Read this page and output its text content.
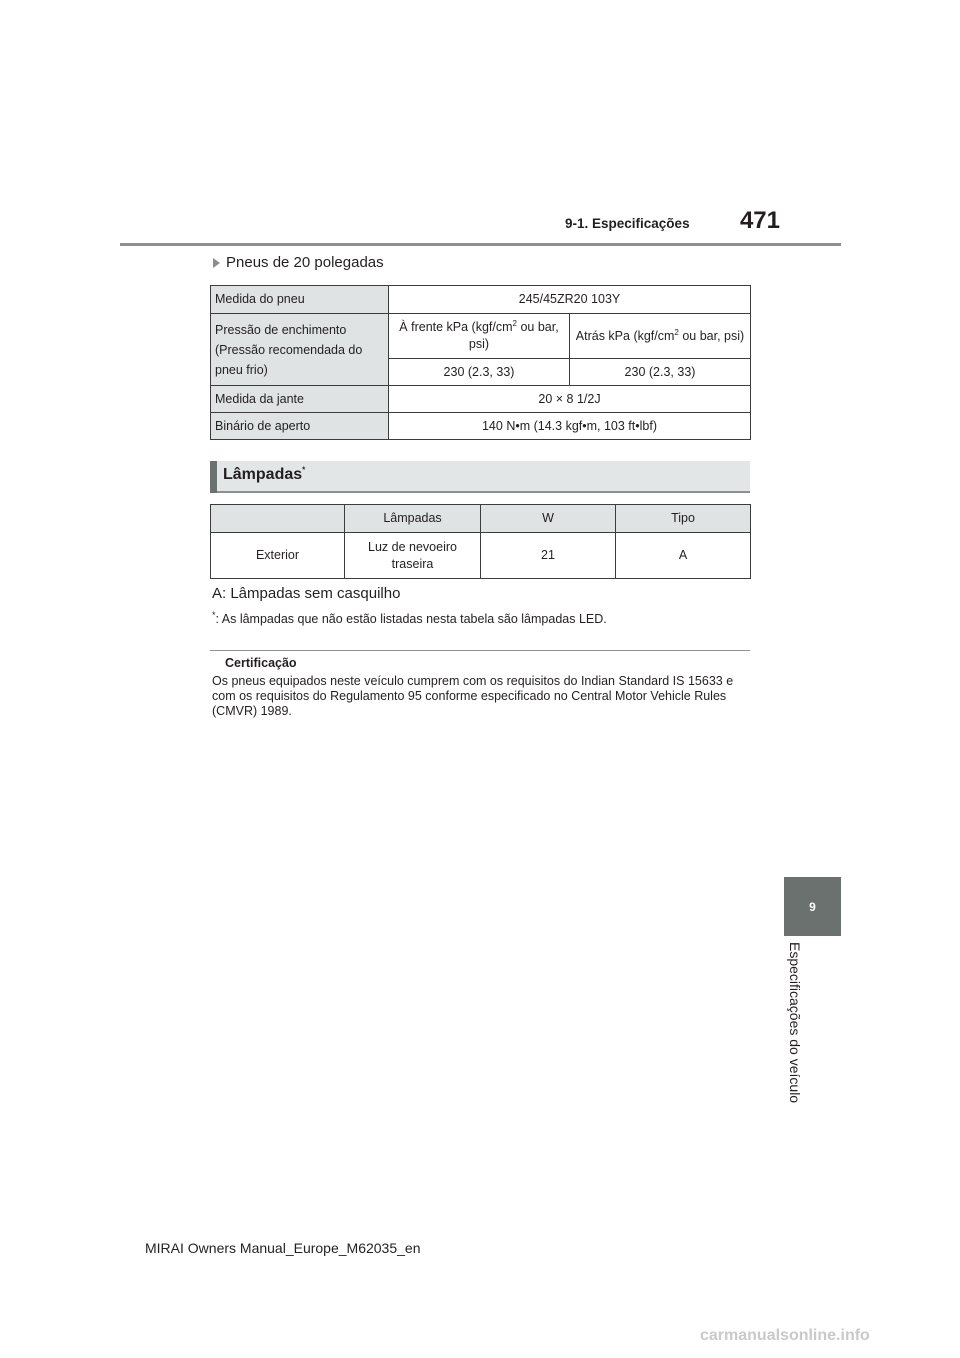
9-1. Especificações	471
Pneus de 20 polegadas
Medida do pneu	245/45ZR20 103Y	
Pressão de enchimento (Pressão recomendada do pneu frio)	À frente kPa ($kgf/cm^2$ ou bar, psi)	Atrás kPa ($kgf/cm^2$ ou bar, psi)
	230 (2.3, 33)	230 (2.3, 33)
Medida da jante	20 × 8 1/2J	
Binário de aperto	140 N•m (14.3 kgf•m, 103 ft•lbf)	
Lâmpadas*
	Lâmpadas	W	Tipo
Exterior	Luz de nevoeiro traseira	21	A
A: Lâmpadas sem casquilho
*: As lâmpadas que não estão listadas nesta tabela são lâmpadas LED.
Certificação
Os pneus equipados neste veículo cumprem com os requisitos do Indian Standard IS 15633 e com os requisitos do Regulamento 95 conforme especificado no Central Motor Vehicle Rules (CMVR) 1989.
9
Especificações do veículo
MIRAI Owners Manual_Europe_M62035_en
carmanualsonline.info
